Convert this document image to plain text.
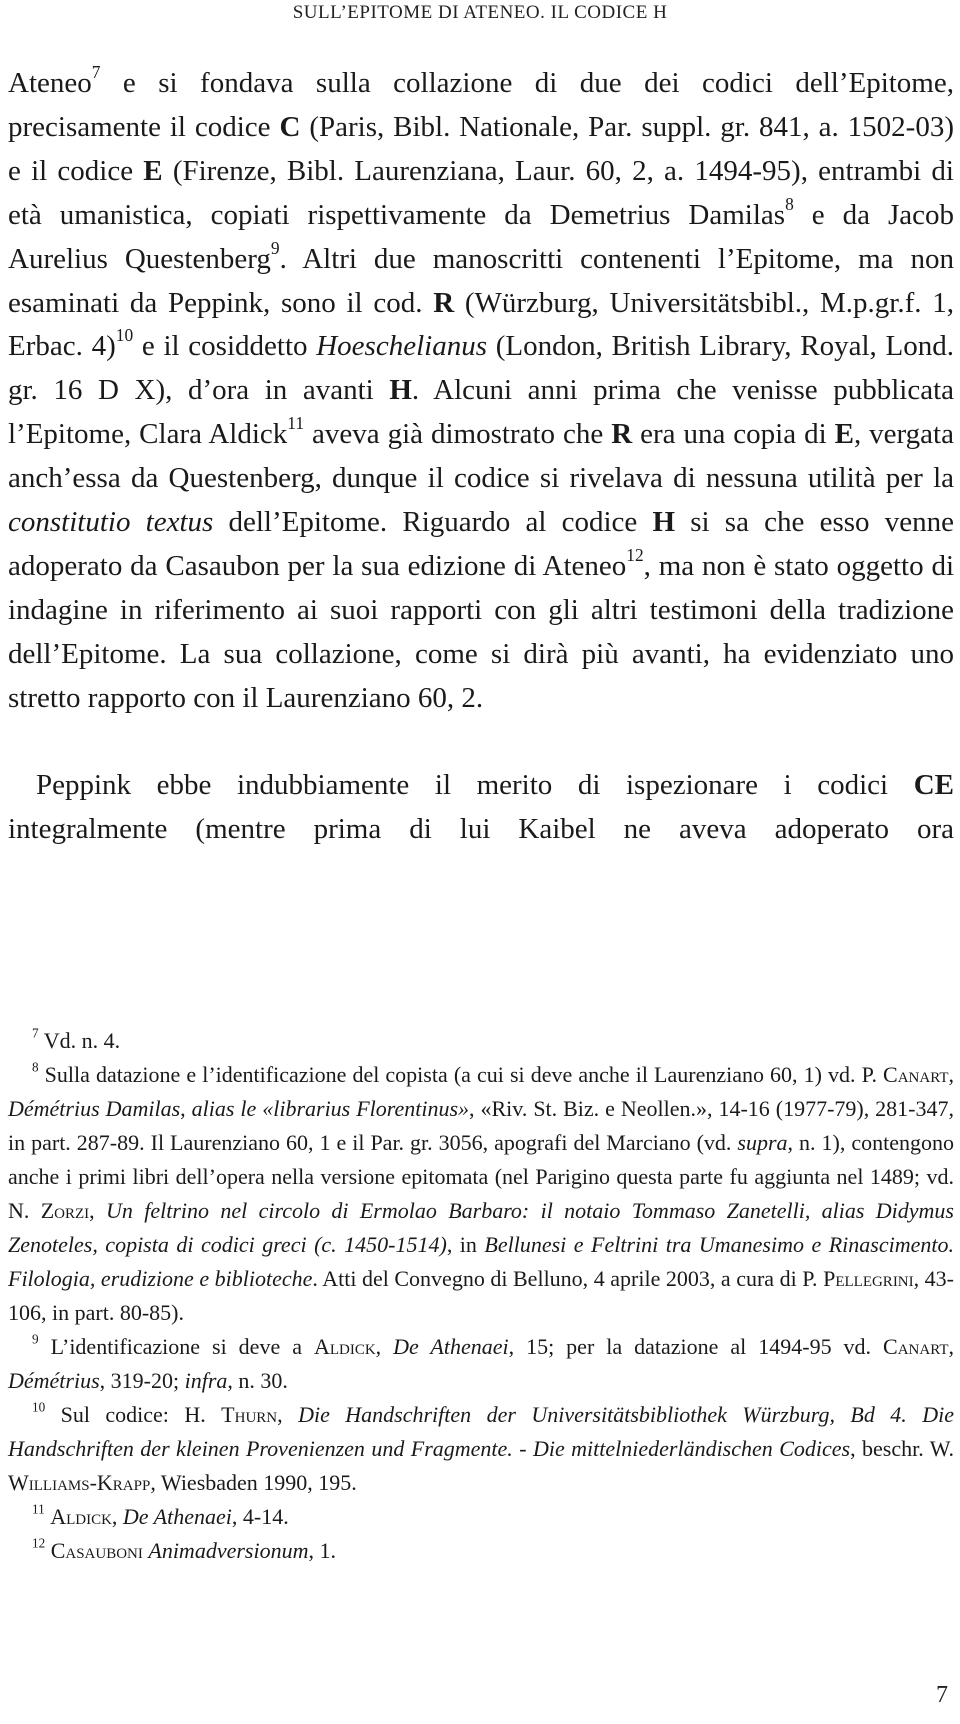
SULL’EPITOME DI ATENEO. IL CODICE H

Ateneo$^7$ e si fondava sulla collazione di due dei codici dell’Epitome, precisamente il codice C (Paris, Bibl. Nationale, Par. suppl. gr. 841, a. 1502-03) e il codice E (Firenze, Bibl. Laurenziana, Laur. 60, 2, a. 1494-95), entrambi di età umanistica, copiati rispettivamente da Demetrius Damilas$^8$ e da Jacob Aurelius Questenberg$^9$. Altri due manoscritti contenenti l’Epitome, ma non esaminati da Peppink, sono il cod. R (Würzburg, Universitätsbibl., M.p.gr.f. 1, Erbac. 4)$^{10}$ e il cosiddetto Hoeschelianus (London, British Library, Royal, Lond. gr. 16 D X), d’ora in avanti H. Alcuni anni prima che venisse pubblicata l’Epitome, Clara Aldick$^{11}$ aveva già dimostrato che R era una copia di E, vergata anch’essa da Questenberg, dunque il codice si rivelava di nessuna utilità per la constitutio textus dell’Epitome. Riguardo al codice H si sa che esso venne adoperato da Casaubon per la sua edizione di Ateneo$^{12}$, ma non è stato oggetto di indagine in riferimento ai suoi rapporti con gli altri testimoni della tradizione dell’Epitome. La sua collazione, come si dirà più avanti, ha evidenziato uno stretto rapporto con il Laurenziano 60, 2.

Peppink ebbe indubbiamente il merito di ispezionare i codici CE integralmente (mentre prima di lui Kaibel ne aveva adoperato ora

$^7$ Vd. n. 4.

$^8$ Sulla datazione e l’identificazione del copista (a cui si deve anche il Laurenziano 60, 1) vd. P. Canart, Démétrius Damilas, alias le «librarius Florentinus», «Riv. St. Biz. e Neollen.», 14-16 (1977-79), 281-347, in part. 287-89. Il Laurenziano 60, 1 e il Par. gr. 3056, apografi del Marciano (vd. supra, n. 1), contengono anche i primi libri dell’opera nella versione epitomata (nel Parigino questa parte fu aggiunta nel 1489; vd. N. Zorzi, Un feltrino nel circolo di Ermolao Barbaro: il notaio Tommaso Zanetelli, alias Didymus Zenoteles, copista di codici greci (c. 1450-1514), in Bellunesi e Feltrini tra Umanesimo e Rinascimento. Filologia, erudizione e biblioteche. Atti del Convegno di Belluno, 4 aprile 2003, a cura di P. Pellegrini, 43-106, in part. 80-85).

$^9$ L’identificazione si deve a Aldick, De Athenaei, 15; per la datazione al 1494-95 vd. Canart, Démétrius, 319-20; infra, n. 30.

$^{10}$ Sul codice: H. Thurn, Die Handschriften der Universitätsbibliothek Würzburg, Bd 4. Die Handschriften der kleinen Provenienzen und Fragmente. - Die mittelniederländischen Codices, beschr. W. Williams-Krapp, Wiesbaden 1990, 195.

$^{11}$ Aldick, De Athenaei, 4-14.

$^{12}$ Casauboni Animadversionum, 1.

7
